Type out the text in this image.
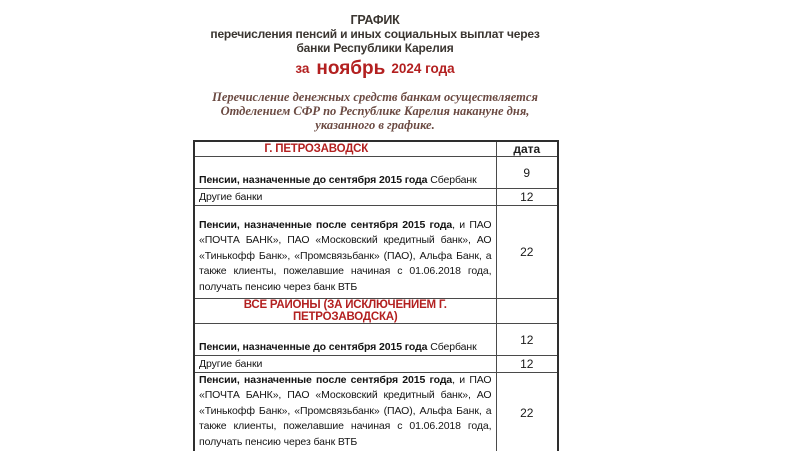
ГРАФИК
перечисления пенсий и иных социальных выплат через
банки Республики Карелия
за ноябрь 2024 года
Перечисление денежных средств банкам осуществляется Отделением СФР по Республике Карелия накануне дня, указанного в графике.
Г. ПЕТРОЗАВОДСК	дата
Пенсии, назначенные до сентября 2015 года Сбербанк	9
Другие банки	12
Пенсии, назначенные после сентября 2015 года, и ПАО «ПОЧТА БАНК», ПАО «Московский кредитный банк», АО «Тинькофф Банк», «Промсвязьбанк» (ПАО), Альфа Банк, а также клиенты, пожелавшие начиная с 01.06.2018 года, получать пенсию через банк ВТБ	22
ВСЕ РАЙОНЫ (ЗА ИСКЛЮЧЕНИЕМ Г. ПЕТРОЗАВОДСКА)	
Пенсии, назначенные до сентября 2015 года Сбербанк	12
Другие банки	12
Пенсии, назначенные после сентября 2015 года, и ПАО «ПОЧТА БАНК», ПАО «Московский кредитный банк», АО «Тинькофф Банк», «Промсвязьбанк» (ПАО), Альфа Банк, а также клиенты, пожелавшие начиная с 01.06.2018 года, получать пенсию через банк ВТБ	22
